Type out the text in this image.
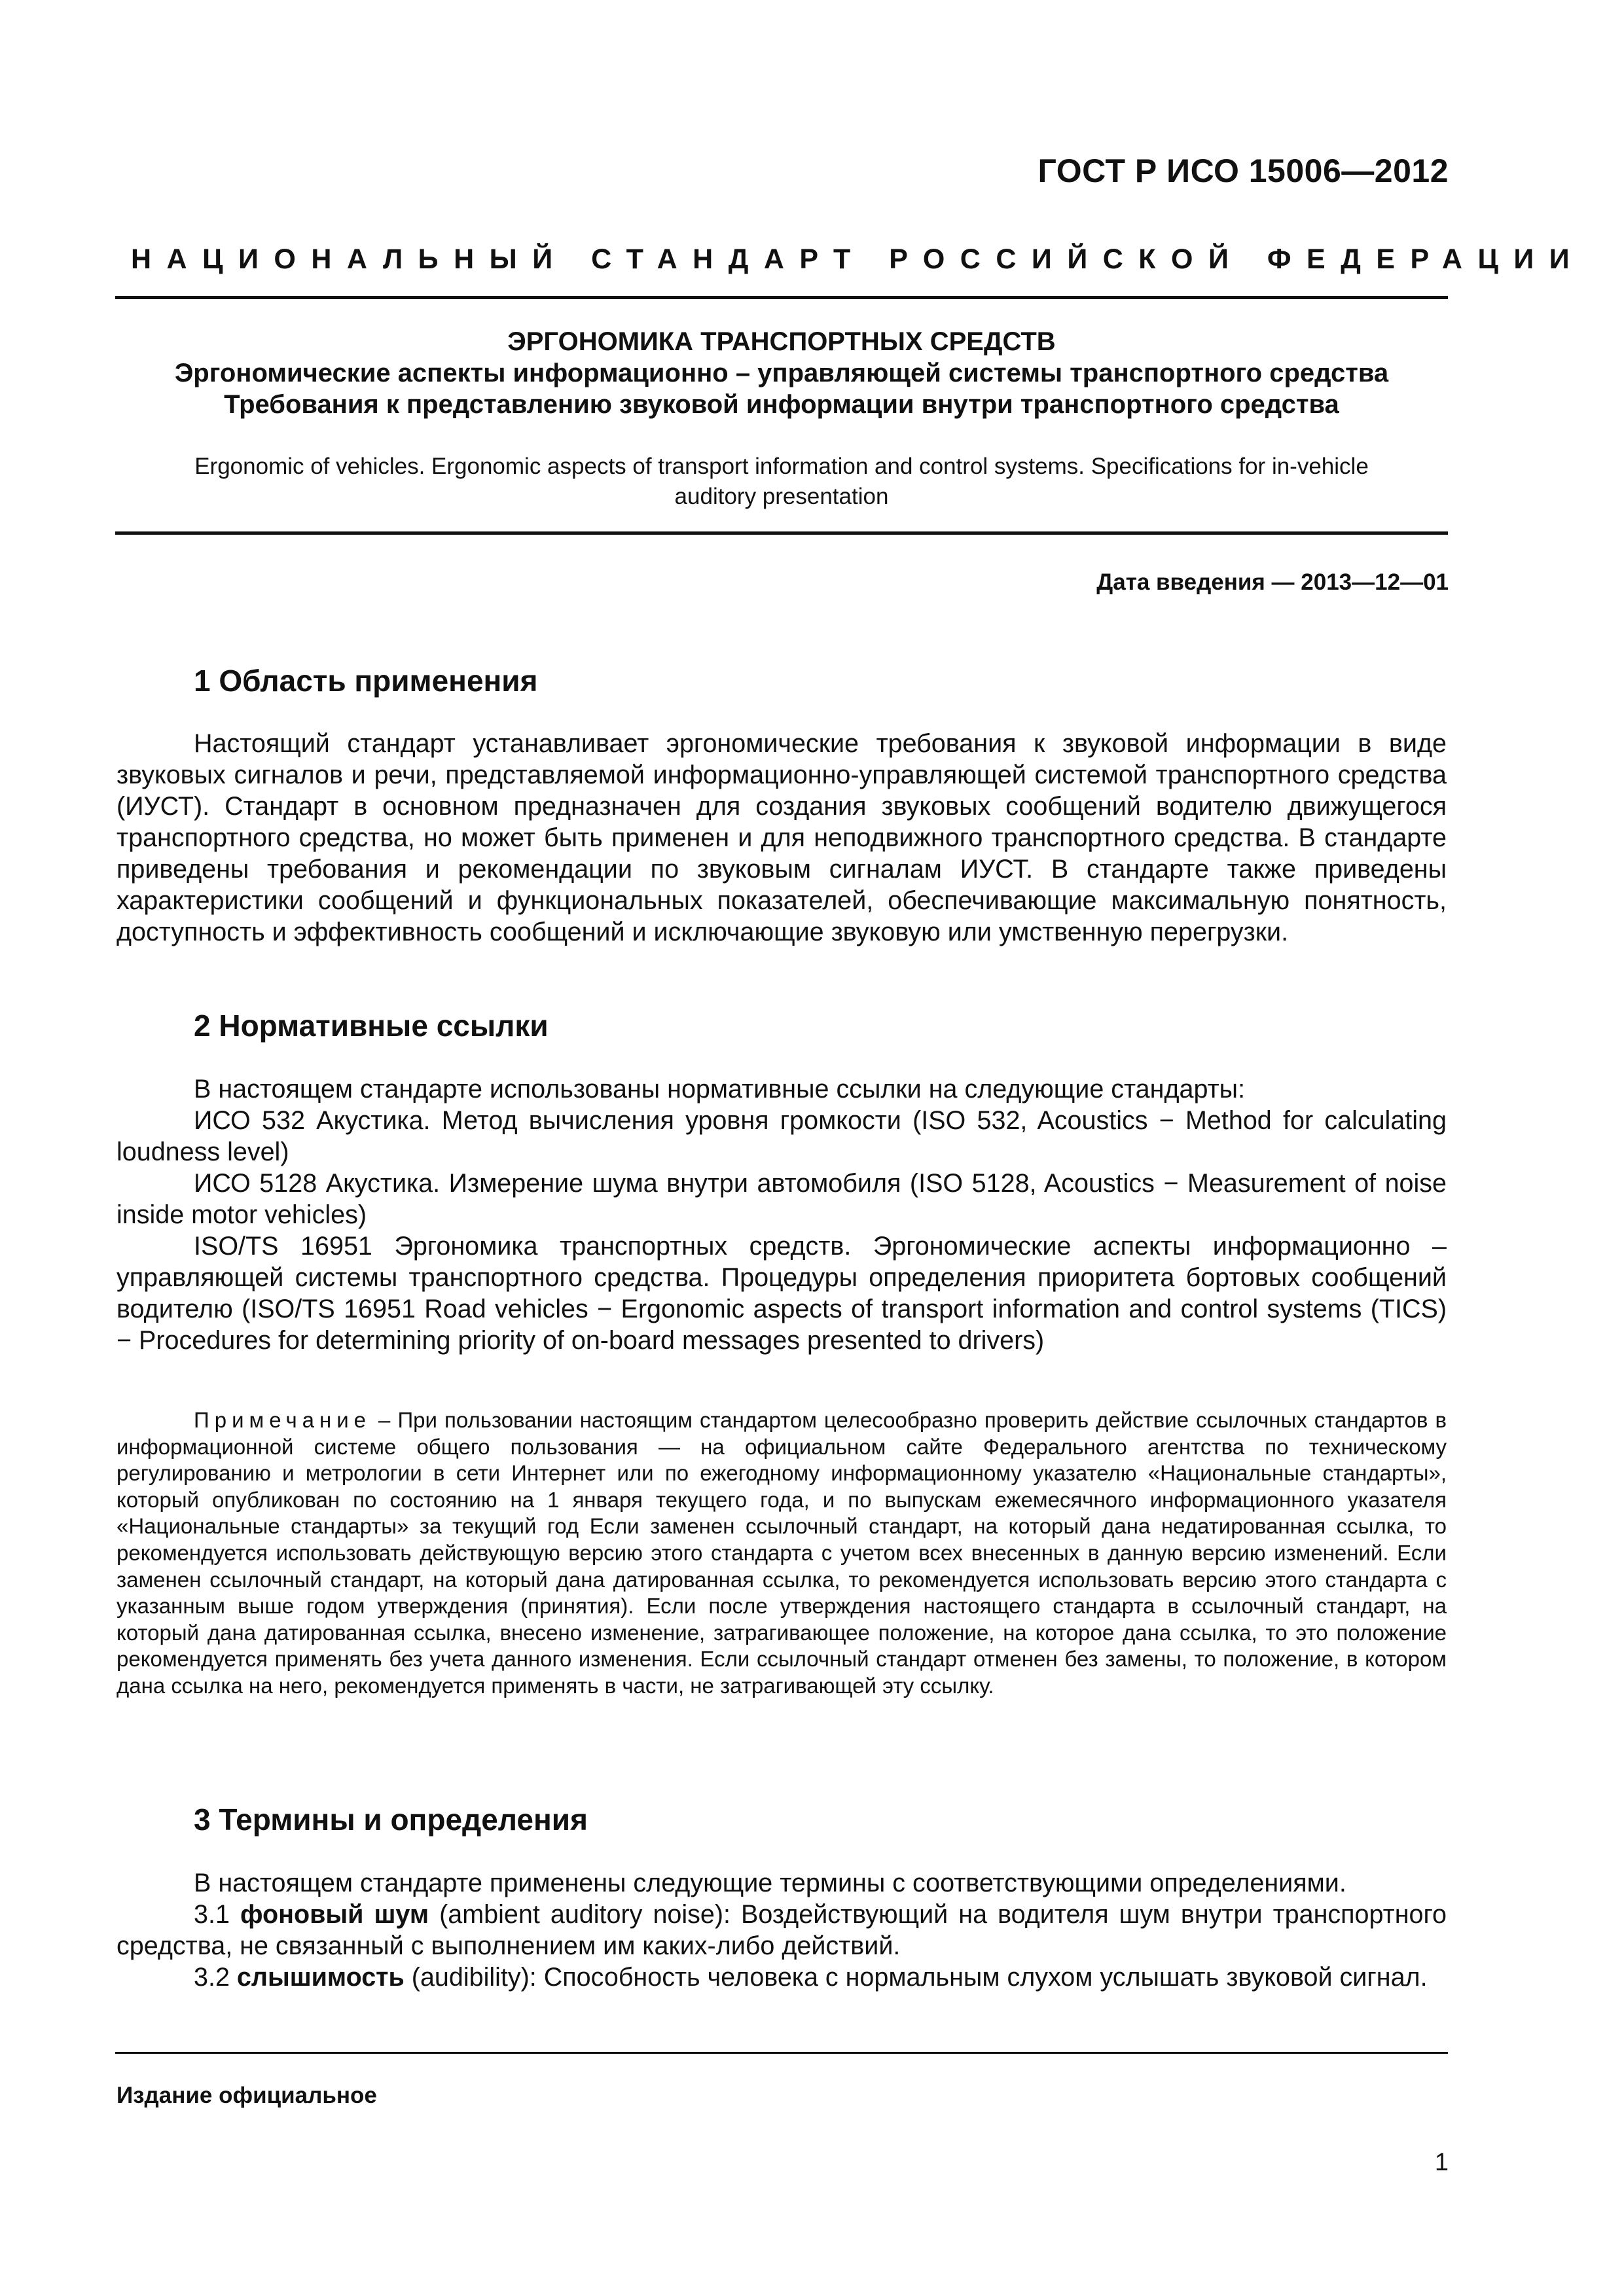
ГОСТ Р ИСО 15006—2012
НАЦИОНАЛЬНЫЙ СТАНДАРТ РОССИЙСКОЙ ФЕДЕРАЦИИ
ЭРГОНОМИКА ТРАНСПОРТНЫХ СРЕДСТВ
Эргономические аспекты информационно – управляющей системы транспортного средства
Требования к представлению звуковой информации внутри транспортного средства
Ergonomic of vehicles. Ergonomic aspects of transport information and control systems. Specifications for in-vehicle
auditory presentation
Дата введения — 2013—12—01
1 Область применения

Настоящий стандарт устанавливает эргономические требования к звуковой информации в виде звуковых сигналов и речи, представляемой информационно-управляющей системой транспортного средства (ИУСТ). Стандарт в основном предназначен для создания звуковых сообщений водителю движущегося транспортного средства, но может быть применен и для неподвижного транспортного средства. В стандарте приведены требования и рекомендации по звуковым сигналам ИУСТ. В стандарте также приведены характеристики сообщений и функциональных показателей, обеспечивающие максимальную понятность, доступность и эффективность сообщений и исключающие звуковую или умственную перегрузки.

2 Нормативные ссылки

В настоящем стандарте использованы нормативные ссылки на следующие стандарты:

ИСО 532 Акустика. Метод вычисления уровня громкости (ISO 532, Acoustics − Method for calculating loudness level)

ИСО 5128 Акустика. Измерение шума внутри автомобиля (ISO 5128, Acoustics − Measurement of noise inside motor vehicles)

ISO/TS 16951 Эргономика транспортных средств. Эргономические аспекты информационно – управляющей системы транспортного средства. Процедуры определения приоритета бортовых сообщений водителю (ISO/TS 16951 Road vehicles − Ergonomic aspects of transport information and control systems (TICS) − Procedures for determining priority of on-board messages presented to drivers)

Примечание – При пользовании настоящим стандартом целесообразно проверить действие ссылочных стандартов в информационной системе общего пользования — на официальном сайте Федерального агентства по техническому регулированию и метрологии в сети Интернет или по ежегодному информационному указателю «Национальные стандарты», который опубликован по состоянию на 1 января текущего года, и по выпускам ежемесячного информационного указателя «Национальные стандарты» за текущий год Если заменен ссылочный стандарт, на который дана недатированная ссылка, то рекомендуется использовать действующую версию этого стандарта с учетом всех внесенных в данную версию изменений. Если заменен ссылочный стандарт, на который дана датированная ссылка, то рекомендуется использовать версию этого стандарта с указанным выше годом утверждения (принятия). Если после утверждения настоящего стандарта в ссылочный стандарт, на который дана датированная ссылка, внесено изменение, затрагивающее положение, на которое дана ссылка, то это положение рекомендуется применять без учета данного изменения. Если ссылочный стандарт отменен без замены, то положение, в котором дана ссылка на него, рекомендуется применять в части, не затрагивающей эту ссылку.

3 Термины и определения

В настоящем стандарте применены следующие термины с соответствующими определениями.

3.1 фоновый шум (ambient auditory noise): Воздействующий на водителя шум внутри транспортного средства, не связанный с выполнением им каких-либо действий.

3.2 слышимость (audibility): Способность человека с нормальным слухом услышать звуковой сигнал.

Издание официальное
1
